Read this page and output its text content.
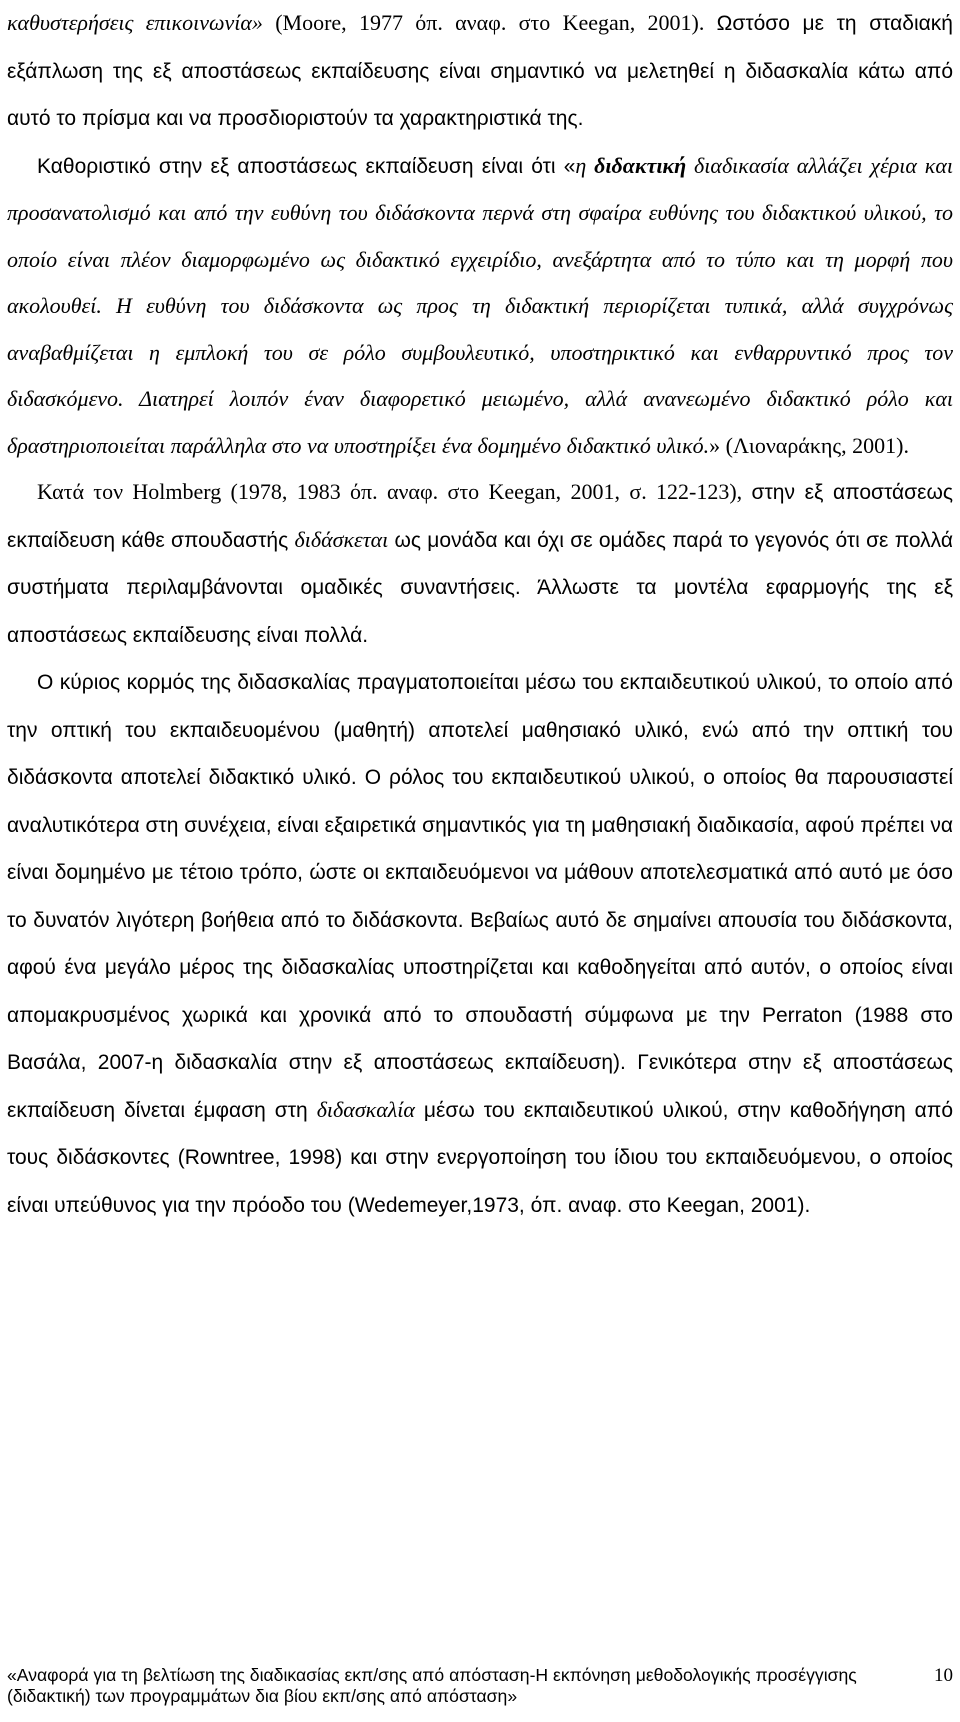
καθυστερήσεις επικοινωνία» (Moore, 1977 όπ. αναφ. στο Keegan, 2001). Ωστόσο με τη σταδιακή εξάπλωση της εξ αποστάσεως εκπαίδευσης είναι σημαντικό να μελετηθεί η διδασκαλία κάτω από αυτό το πρίσμα και να προσδιοριστούν τα χαρακτηριστικά της.

Καθοριστικό στην εξ αποστάσεως εκπαίδευση είναι ότι «η διδακτική διαδικασία αλλάζει χέρια και προσανατολισμό και από την ευθύνη του διδάσκοντα περνά στη σφαίρα ευθύνης του διδακτικού υλικού, το οποίο είναι πλέον διαμορφωμένο ως διδακτικό εγχειρίδιο, ανεξάρτητα από το τύπο και τη μορφή που ακολουθεί. Η ευθύνη του διδάσκοντα ως προς τη διδακτική περιορίζεται τυπικά, αλλά συγχρόνως αναβαθμίζεται η εμπλοκή του σε ρόλο συμβουλευτικό, υποστηρικτικό και ενθαρρυντικό προς τον διδασκόμενο. Διατηρεί λοιπόν έναν διαφορετικό μειωμένο, αλλά ανανεωμένο διδακτικό ρόλο και δραστηριοποιείται παράλληλα στο να υποστηρίξει ένα δομημένο διδακτικό υλικό.» (Λιοναράκης, 2001).

Κατά τον Holmberg (1978, 1983 όπ. αναφ. στο Keegan, 2001, σ. 122-123), στην εξ αποστάσεως εκπαίδευση κάθε σπουδαστής διδάσκεται ως μονάδα και όχι σε ομάδες παρά το γεγονός ότι σε πολλά συστήματα περιλαμβάνονται ομαδικές συναντήσεις. Άλλωστε τα μοντέλα εφαρμογής της εξ αποστάσεως εκπαίδευσης είναι πολλά.

Ο κύριος κορμός της διδασκαλίας πραγματοποιείται μέσω του εκπαιδευτικού υλικού, το οποίο από την οπτική του εκπαιδευομένου (μαθητή) αποτελεί μαθησιακό υλικό, ενώ από την οπτική του διδάσκοντα αποτελεί διδακτικό υλικό. Ο ρόλος του εκπαιδευτικού υλικού, ο οποίος θα παρουσιαστεί αναλυτικότερα στη συνέχεια, είναι εξαιρετικά σημαντικός για τη μαθησιακή διαδικασία, αφού πρέπει να είναι δομημένο με τέτοιο τρόπο, ώστε οι εκπαιδευόμενοι να μάθουν αποτελεσματικά από αυτό με όσο το δυνατόν λιγότερη βοήθεια από το διδάσκοντα. Βεβαίως αυτό δε σημαίνει απουσία του διδάσκοντα, αφού ένα μεγάλο μέρος της διδασκαλίας υποστηρίζεται και καθοδηγείται από αυτόν, ο οποίος είναι απομακρυσμένος χωρικά και χρονικά από το σπουδαστή σύμφωνα με την Perraton (1988 στο Βασάλα, 2007-η διδασκαλία στην εξ αποστάσεως εκπαίδευση). Γενικότερα στην εξ αποστάσεως εκπαίδευση δίνεται έμφαση στη διδασκαλία μέσω του εκπαιδευτικού υλικού, στην καθοδήγηση από τους διδάσκοντες (Rowntree, 1998) και στην ενεργοποίηση του ίδιου του εκπαιδευόμενου, ο οποίος είναι υπεύθυνος για την πρόοδο του (Wedemeyer,1973, όπ. αναφ. στο Keegan, 2001).

«Αναφορά για τη βελτίωση της διαδικασίας εκπ/σης από απόσταση-Η εκπόνηση μεθοδολογικής προσέγγισης (διδακτική) των προγραμμάτων δια βίου εκπ/σης από απόσταση»
10
